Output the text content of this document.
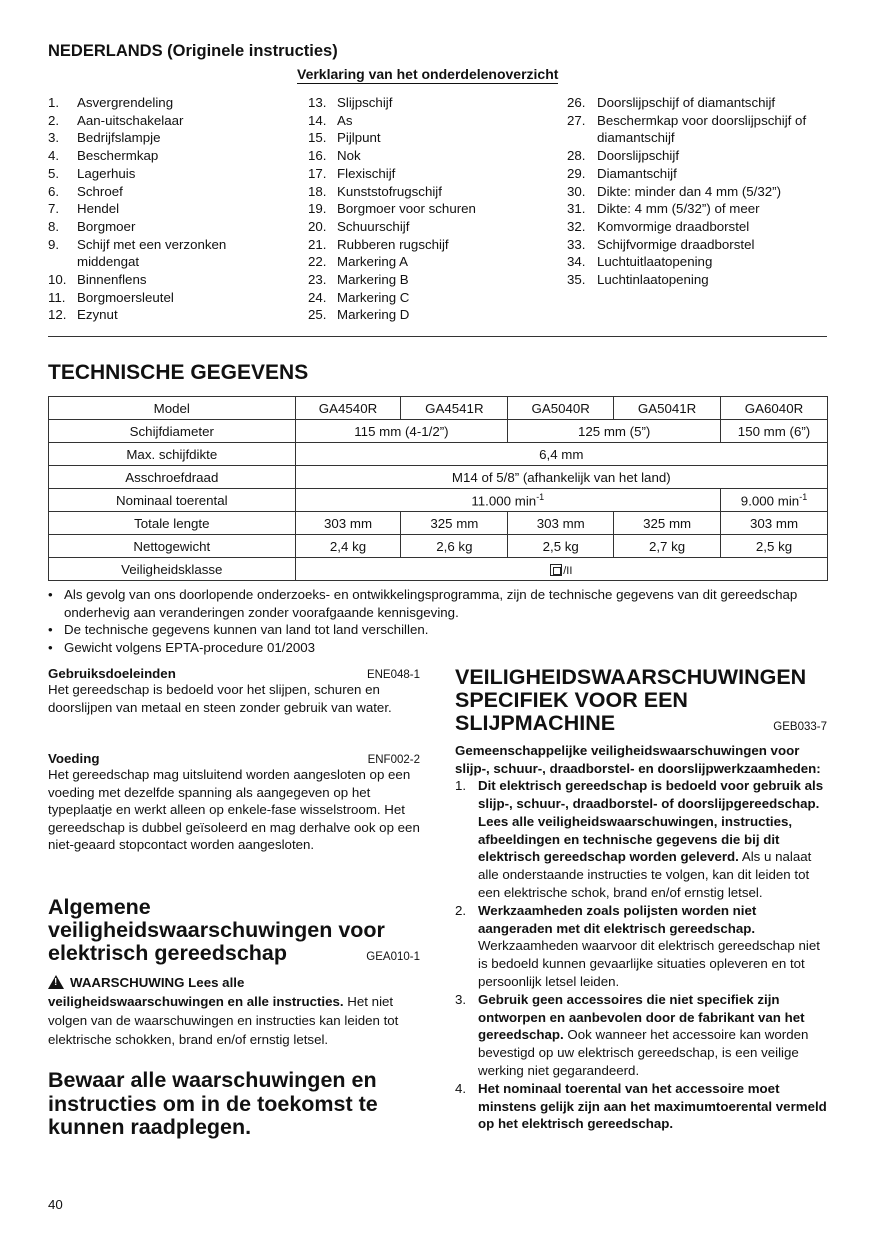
NEDERLANDS (Originele instructies)
Verklaring van het onderdelenoverzicht
1.	Asvergrendeling
2.	Aan-uitschakelaar
3.	Bedrijfslampje
4.	Beschermkap
5.	Lagerhuis
6.	Schroef
7.	Hendel
8.	Borgmoer
9.	Schijf met een verzonken middengat
10. Binnenflens
11. Borgmoersleutel
12. Ezynut
13. Slijpschijf
14. As
15. Pijlpunt
16. Nok
17. Flexischijf
18. Kunststofrugschijf
19. Borgmoer voor schuren
20. Schuurschijf
21. Rubberen rugschijf
22. Markering A
23. Markering B
24. Markering C
25. Markering D
26. Doorslijpschijf of diamantschijf
27. Beschermkap voor doorslijpschijf of diamantschijf
28. Doorslijpschijf
29. Diamantschijf
30. Dikte: minder dan 4 mm (5/32”)
31. Dikte: 4 mm (5/32”) of meer
32. Komvormige draadborstel
33. Schijfvormige draadborstel
34. Luchtuitlaatopening
35. Luchtinlaatopening
TECHNISCHE GEGEVENS
Model	GA4540R	GA4541R	GA5040R	GA5041R	GA6040R
Schijfdiameter	115 mm (4-1/2”)		125 mm (5”)		150 mm (6”)
Max. schijfdikte	6,4 mm				
Asschroefdraad	M14 of 5/8” (afhankelijk van het land)				
Nominaal toerental	11.000 $\min^{-1}$				9.000 $\min^{-1}$
Totale lengte	303 mm	325 mm	303 mm	325 mm	303 mm
Nettogewicht	2,4 kg	2,6 kg	2,5 kg	2,7 kg	2,5 kg
Veiligheidsklasse	/II				
• Als gevolg van ons doorlopende onderzoeks- en ontwikkelingsprogramma, zijn de technische gegevens van dit gereedschap onderhevig aan veranderingen zonder voorafgaande kennisgeving.
• De technische gegevens kunnen van land tot land verschillen.
• Gewicht volgens EPTA-procedure 01/2003
Gebruiksdoeleinden	ENE048-1
Het gereedschap is bedoeld voor het slijpen, schuren en doorslijpen van metaal en steen zonder gebruik van water.
Voeding	ENF002-2
Het gereedschap mag uitsluitend worden aangesloten op een voeding met dezelfde spanning als aangegeven op het typeplaatje en werkt alleen op enkele-fase wisselstroom. Het gereedschap is dubbel geïsoleerd en mag derhalve ook op een niet-geaard stopcontact worden aangesloten.
Algemene
veiligheidswaarschuwingen voor
elektrisch gereedschap	GEA010-1
!WAARSCHUWING Lees alle
veiligheidswaarschuwingen en alle instructies. Het niet volgen van de waarschuwingen en instructies kan leiden tot elektrische schokken, brand en/of ernstig letsel.
Bewaar alle waarschuwingen en instructies om in de toekomst te kunnen raadplegen.
VEILIGHEIDSWAARSCHUWINGEN
SPECIFIEK VOOR EEN
SLIJPMACHINE	GEB033-7
Gemeenschappelijke veiligheidswaarschuwingen voor slijp-, schuur-, draadborstel- en doorslijpwerkzaamheden:
1. Dit elektrisch gereedschap is bedoeld voor gebruik als slijp-, schuur-, draadborstel- of doorslijpgereedschap. Lees alle veiligheidswaarschuwingen, instructies, afbeeldingen en technische gegevens die bij dit elektrisch gereedschap worden geleverd. Als u nalaat alle onderstaande instructies te volgen, kan dit leiden tot een elektrische schok, brand en/of ernstig letsel.
2. Werkzaamheden zoals polijsten worden niet aangeraden met dit elektrisch gereedschap. Werkzaamheden waarvoor dit elektrisch gereedschap niet is bedoeld kunnen gevaarlijke situaties opleveren en tot persoonlijk letsel leiden.
3. Gebruik geen accessoires die niet specifiek zijn ontworpen en aanbevolen door de fabrikant van het gereedschap. Ook wanneer het accessoire kan worden bevestigd op uw elektrisch gereedschap, is een veilige werking niet gegarandeerd.
4. Het nominaal toerental van het accessoire moet minstens gelijk zijn aan het maximumtoerental vermeld op het elektrisch gereedschap.
40
